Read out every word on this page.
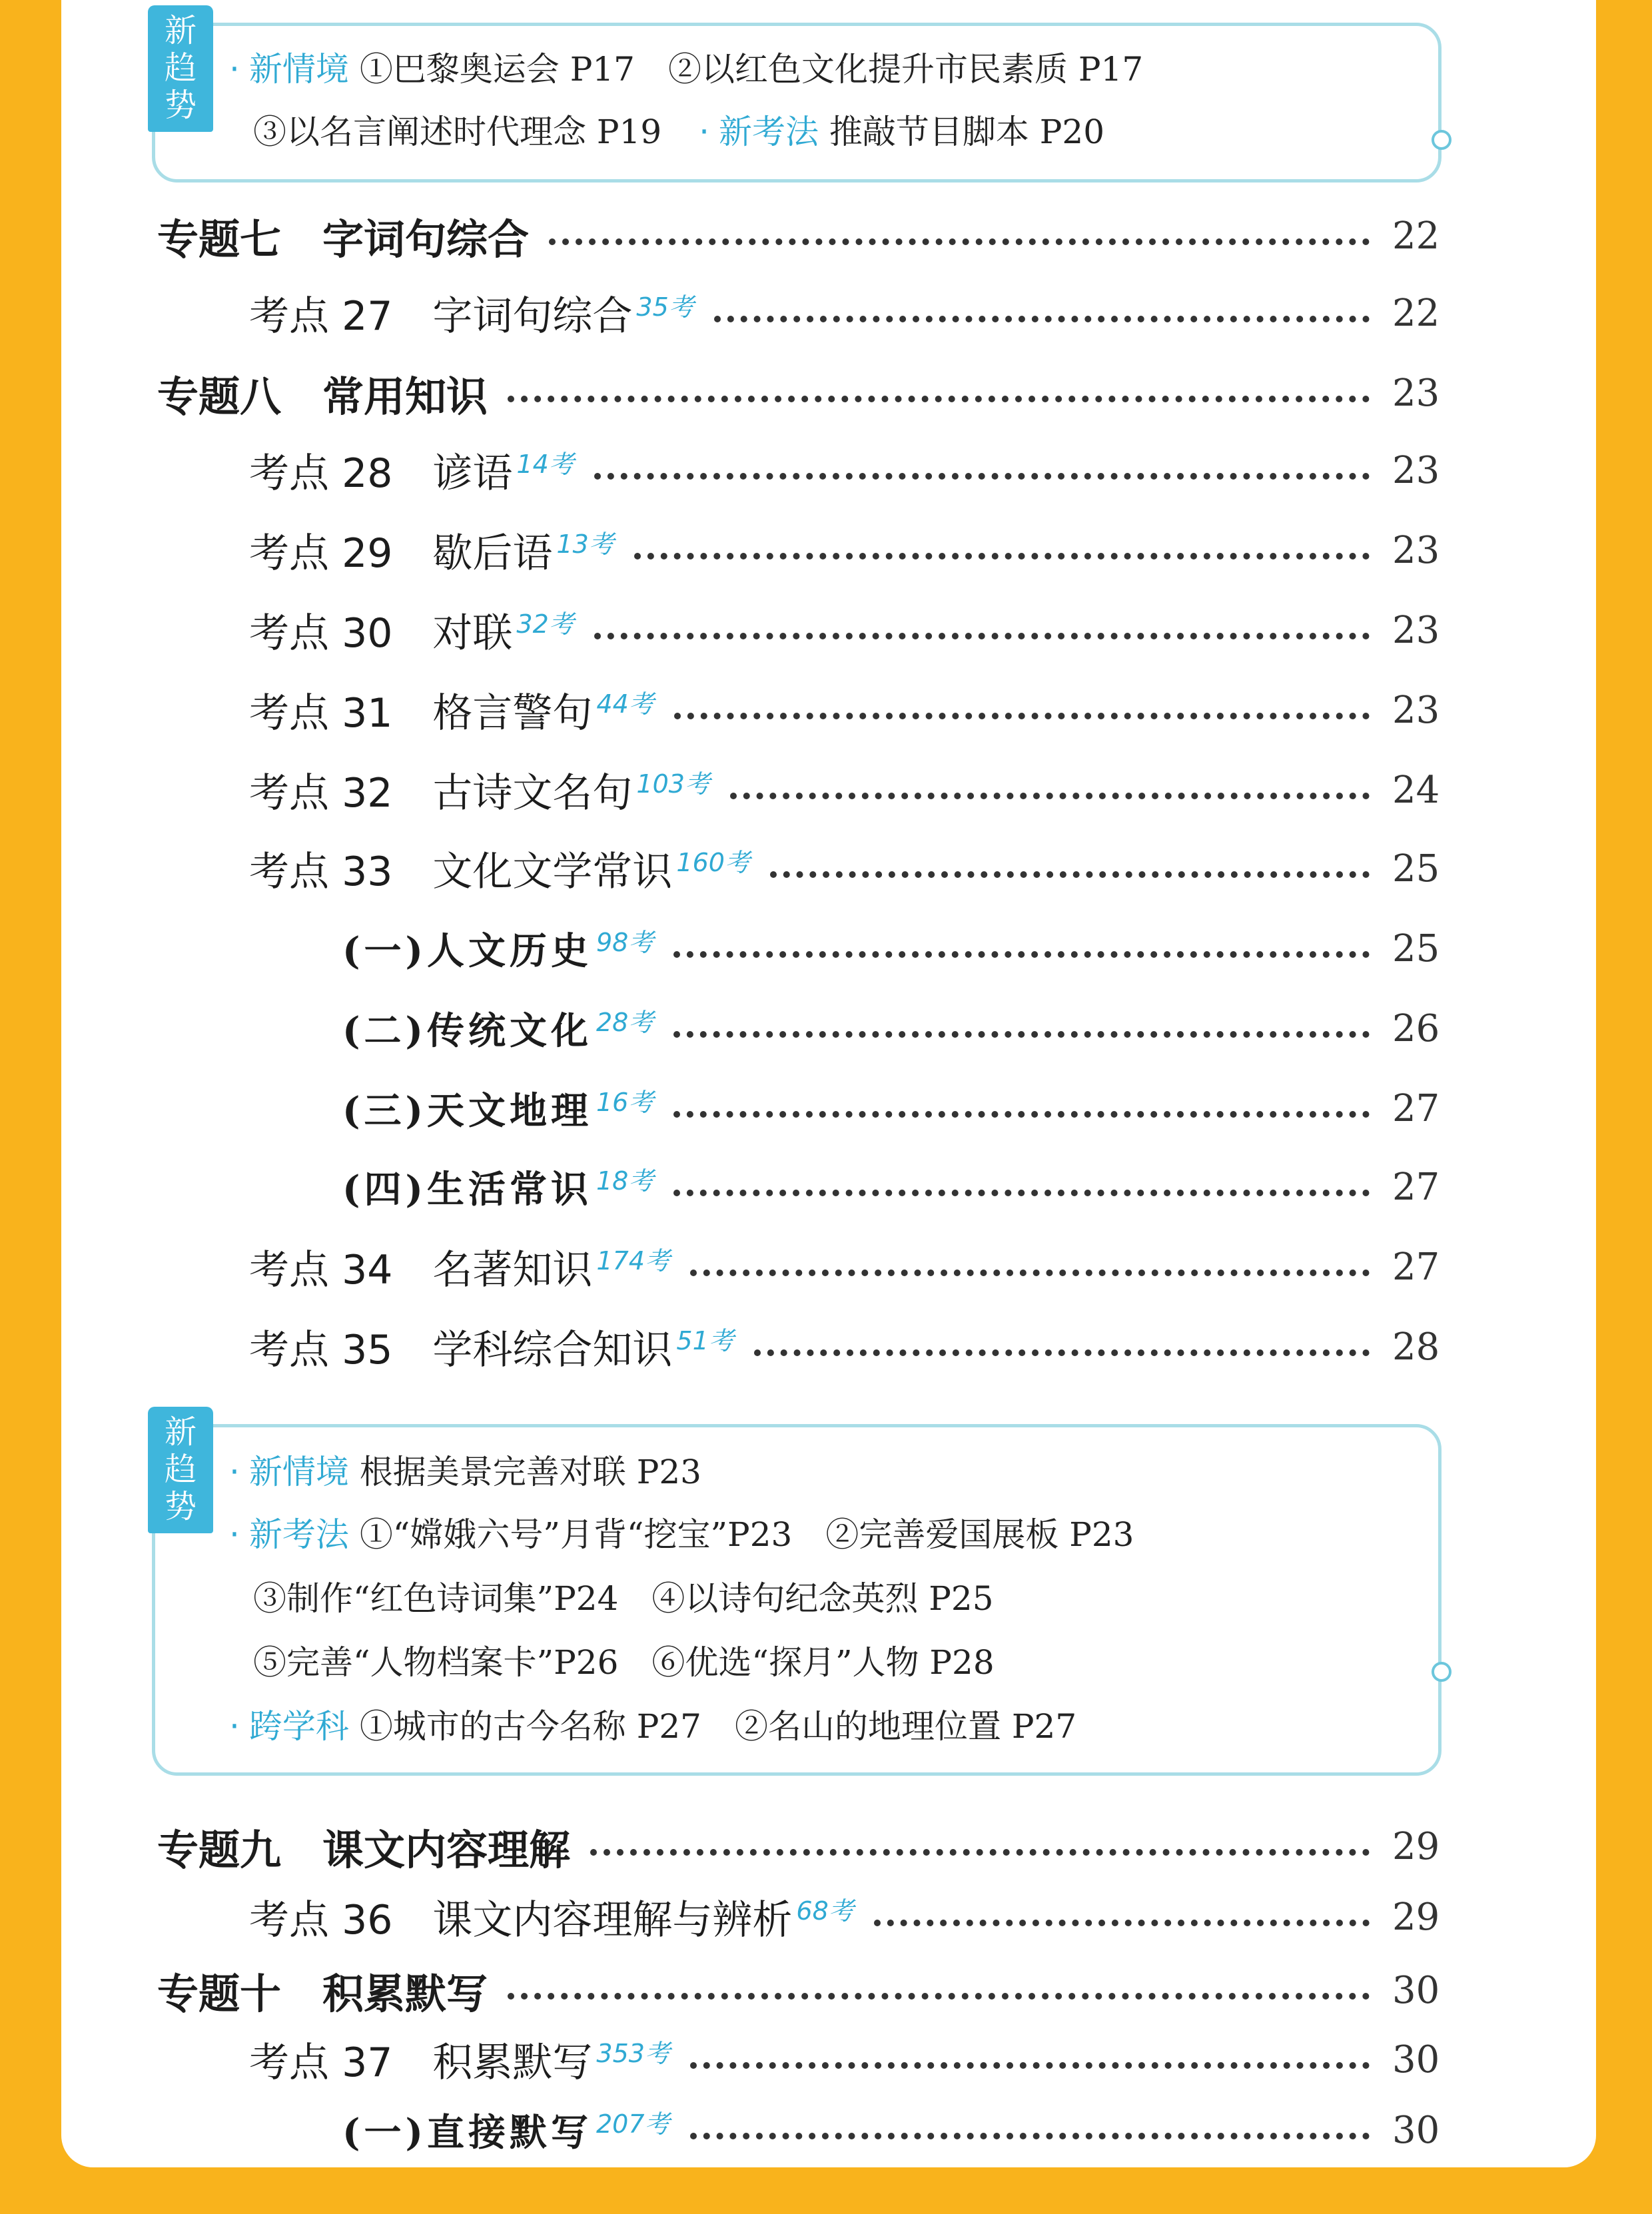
新
趋
势
· 新情境 ①巴黎奥运会 P17　②以红色文化提升市民素质 P17
③以名言阐述时代理念 P19 · 新考法 推敲节目脚本 P20
专题七　字词句综合	22
考点 27　字词句综合 35考	22
专题八　常用知识	23
考点 28　谚语 14考	23
考点 29　歇后语 13考	23
考点 30　对联 32考	23
考点 31　格言警句 44考	23
考点 32　古诗文名句 103考	24
考点 33　文化文学常识 160考	25
(一)人文历史 98考	25
(二)传统文化 28考	26
(三)天文地理 16考	27
(四)生活常识 18考	27
考点 34　名著知识 174考	27
考点 35　学科综合知识 51考	28
新
趋
势
· 新情境 根据美景完善对联 P23
· 新考法 ①“嫦娥六号”月背“挖宝”P23　②完善爱国展板 P23
③制作“红色诗词集”P24　④以诗句纪念英烈 P25
⑤完善“人物档案卡”P26　⑥优选“探月”人物 P28
· 跨学科 ①城市的古今名称 P27　②名山的地理位置 P27
专题九　课文内容理解	29
考点 36　课文内容理解与辨析 68考	29
专题十　积累默写	30
考点 37　积累默写 353考	30
(一)直接默写 207考	30
